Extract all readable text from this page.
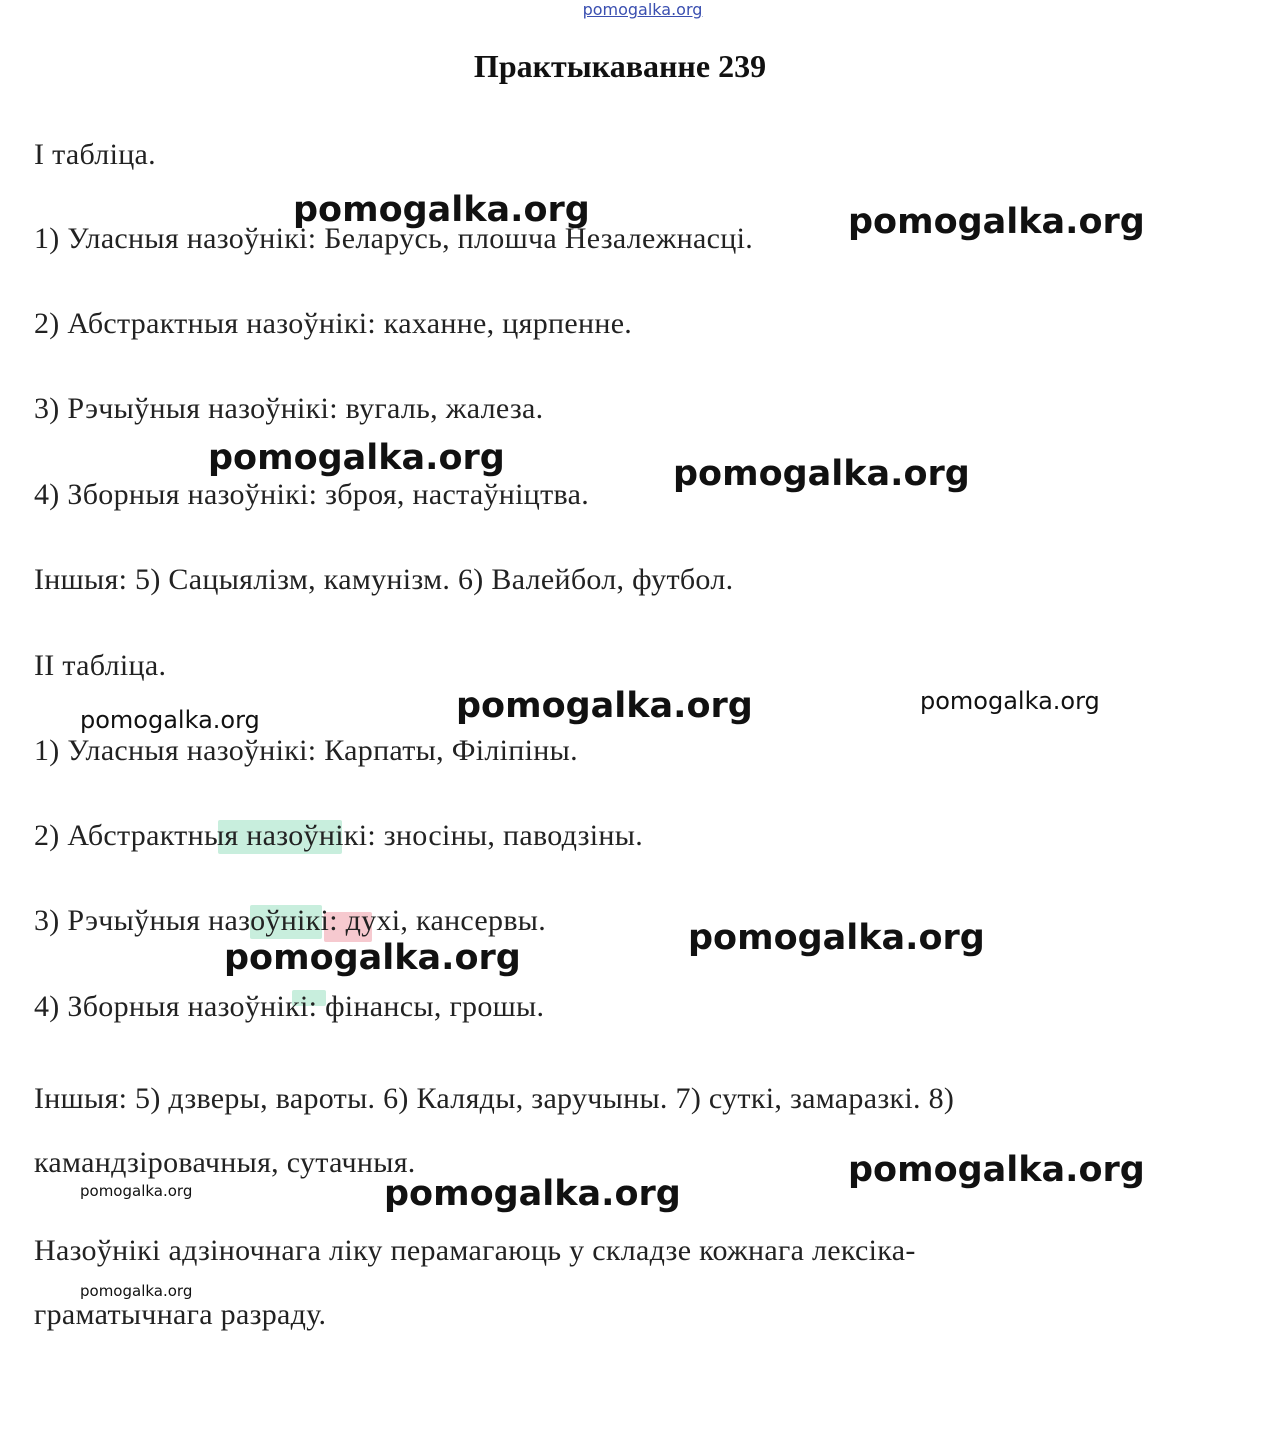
pomogalka.org
Практыкаванне 239
I табліца.
1) Уласныя назоўнікі: Беларусь, плошча Незалежнасці.
2) Абстрактныя назоўнікі: каханне, цярпенне.
3) Рэчыўныя назоўнікі: вугаль, жалеза.
4) Зборныя назоўнікі: зброя, настаўніцтва.
Іншыя: 5) Сацыялізм, камунізм. 6) Валейбол, футбол.
II табліца.
1) Уласныя назоўнікі: Карпаты, Філіпіны.
2) Абстрактныя назоўнікі: зносіны, паводзіны.
3) Рэчыўныя назоўнікі: духі, кансервы.
4) Зборныя назоўнікі: фінансы, грошы.
Іншыя: 5) дзверы, вароты. 6) Каляды, заручыны. 7) суткі, замаразкі. 8)
камандзіровачныя, сутачныя.
Назоўнікі адзіночнага ліку перамагаюць у складзе кожнага лексіка-
граматычнага разраду.
pomogalka.org	pomogalka.org
pomogalka.org	pomogalka.org
pomogalka.org	pomogalka.org
pomogalka.org
pomogalka.org
pomogalka.org
pomogalka.org
pomogalka.org	pomogalka.org
pomogalka.org
